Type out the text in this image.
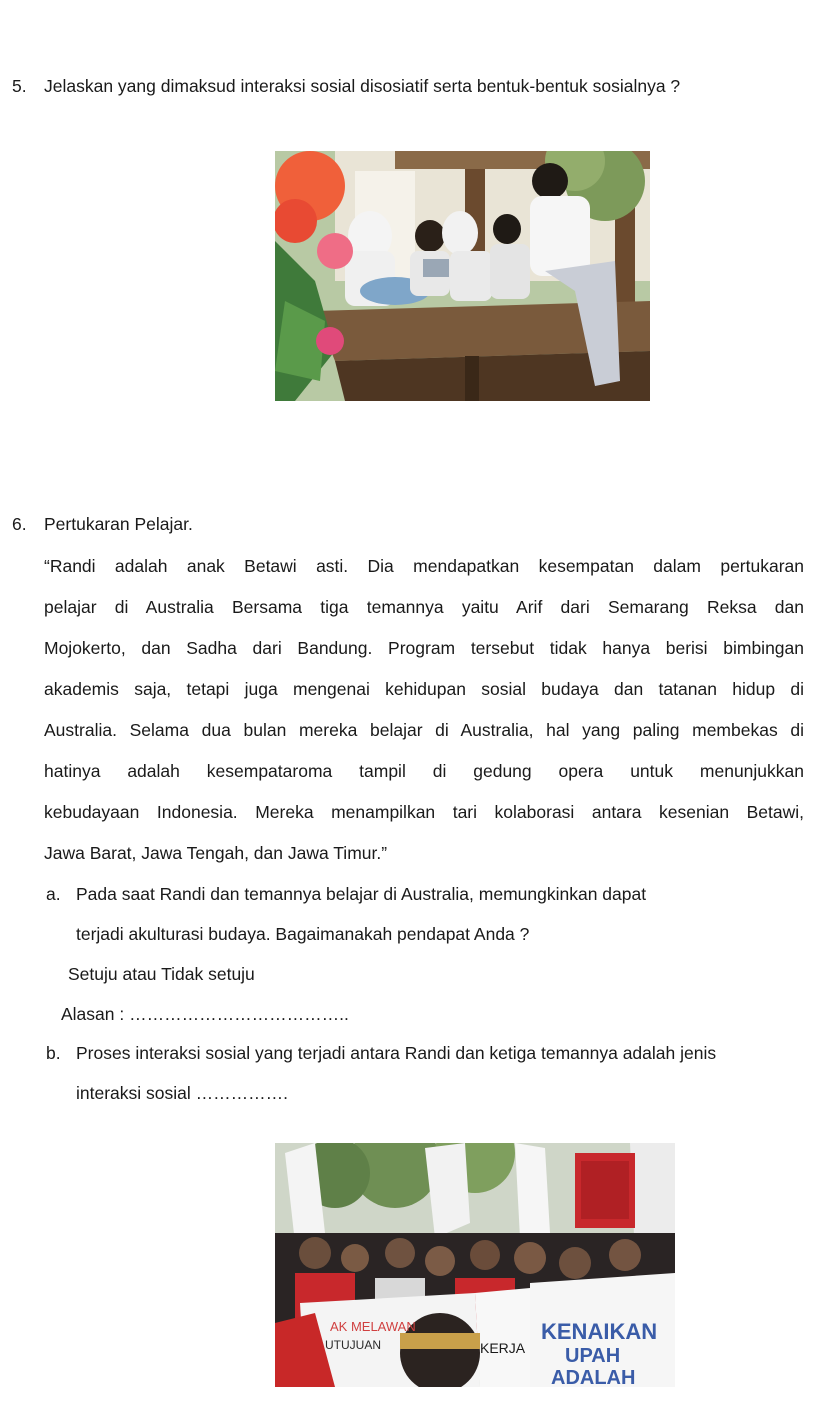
5. Jelaskan yang dimaksud interaksi sosial disosiatif serta bentuk-bentuk sosialnya ?
6. Pertukaran Pelajar.
“Randi adalah anak Betawi asti. Dia mendapatkan kesempatan dalam pertukaran
pelajar di Australia Bersama tiga temannya yaitu Arif dari Semarang Reksa dan
Mojokerto, dan Sadha dari Bandung. Program tersebut tidak hanya berisi bimbingan
akademis saja, tetapi juga mengenai kehidupan sosial budaya dan tatanan hidup di
Australia. Selama dua bulan mereka belajar di Australia, hal yang paling membekas di
hatinya adalah kesempataroma tampil di gedung opera untuk menunjukkan
kebudayaan Indonesia. Mereka menampilkan tari kolaborasi antara kesenian Betawi,
Jawa Barat, Jawa Tengah, dan Jawa Timur.”
a. Pada saat Randi dan temannya belajar di Australia, memungkinkan dapat
terjadi akulturasi budaya. Bagaimanakah pendapat Anda ?
Setuju atau Tidak setuju
Alasan : ………………………………..
b. Proses interaksi sosial yang terjadi antara Randi dan ketiga temannya adalah jenis
interaksi sosial …………….
AK MELAWAN
UTUJUAN	KERJA
KENAIKAN
UPAH
ADALAH
